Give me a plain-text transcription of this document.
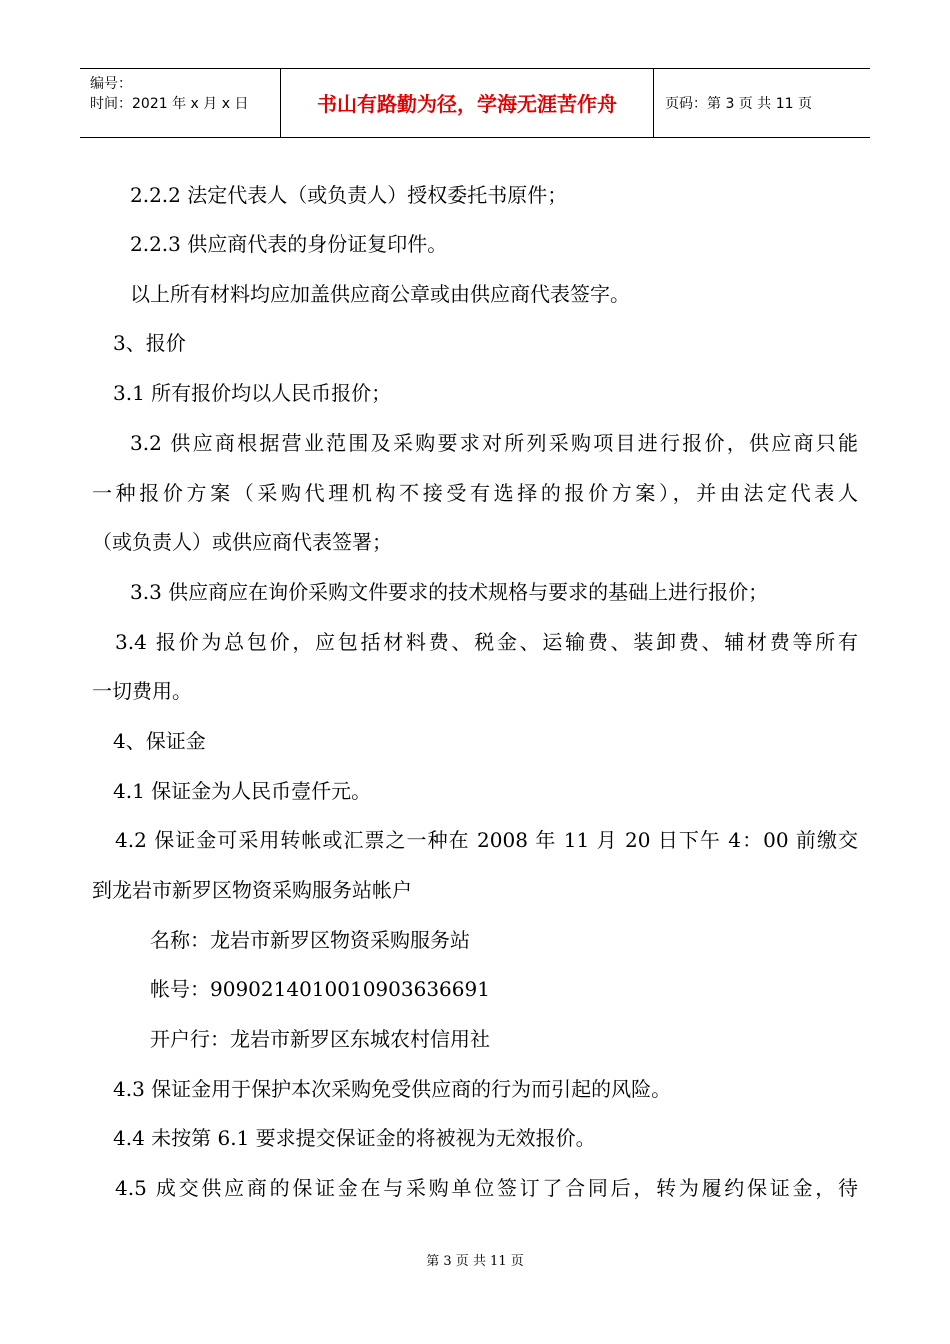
编号：
时间：2021 年 x 月 x 日	书山有路勤为径，学海无涯苦作舟	页码：第 3 页 共 11 页
2.2.2 法定代表人（或负责人）授权委托书原件；
2.2.3 供应商代表的身份证复印件。
以上所有材料均应加盖供应商公章或由供应商代表签字。
3、报价
3.1 所有报价均以人民币报价；
3.2 供应商根据营业范围及采购要求对所列采购项目进行报价，供应商只能
一种报价方案（采购代理机构不接受有选择的报价方案），并由法定代表人
（或负责人）或供应商代表签署；
3.3 供应商应在询价采购文件要求的技术规格与要求的基础上进行报价；
3.4 报价为总包价，应包括材料费、税金、运输费、装卸费、辅材费等所有
一切费用。
4、保证金
4.1 保证金为人民币壹仟元。
4.2 保证金可采用转帐或汇票之一种在 2008 年 11 月 20 日下午 4：00 前缴交
到龙岩市新罗区物资采购服务站帐户
名称：龙岩市新罗区物资采购服务站
帐号：9090214010010903636691
开户行：龙岩市新罗区东城农村信用社
4.3 保证金用于保护本次采购免受供应商的行为而引起的风险。
4.4 未按第 6.1 要求提交保证金的将被视为无效报价。
4.5 成交供应商的保证金在与采购单位签订了合同后，转为履约保证金，待
第 3 页 共 11 页
